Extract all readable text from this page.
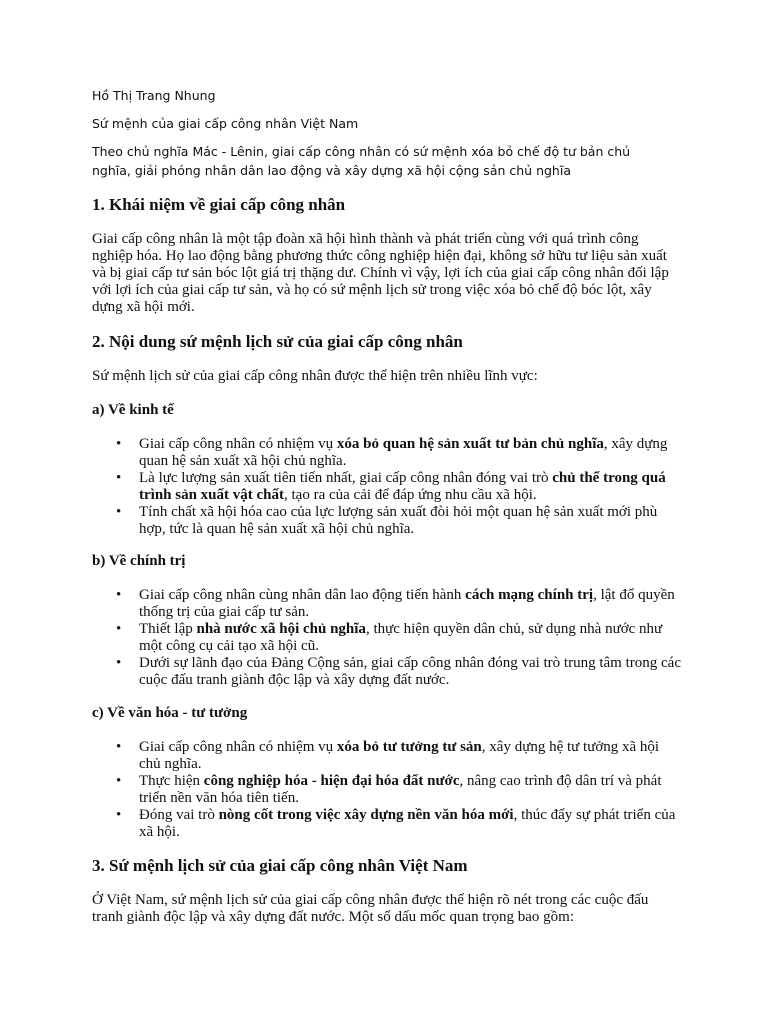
Hồ Thị Trang Nhung

Sứ mệnh của giai cấp công nhân Việt Nam

Theo chủ nghĩa Mác - Lênin, giai cấp công nhân có sứ mệnh xóa bỏ chế độ tư bản chủ nghĩa, giải phóng nhân dân lao động và xây dựng xã hội cộng sản chủ nghĩa

1. Khái niệm về giai cấp công nhân

Giai cấp công nhân là một tập đoàn xã hội hình thành và phát triển cùng với quá trình công nghiệp hóa. Họ lao động bằng phương thức công nghiệp hiện đại, không sở hữu tư liệu sản xuất và bị giai cấp tư sản bóc lột giá trị thặng dư. Chính vì vậy, lợi ích của giai cấp công nhân đối lập với lợi ích của giai cấp tư sản, và họ có sứ mệnh lịch sử trong việc xóa bỏ chế độ bóc lột, xây dựng xã hội mới.

2. Nội dung sứ mệnh lịch sử của giai cấp công nhân

Sứ mệnh lịch sử của giai cấp công nhân được thể hiện trên nhiều lĩnh vực:

a) Về kinh tế
• Giai cấp công nhân có nhiệm vụ xóa bỏ quan hệ sản xuất tư bản chủ nghĩa, xây dựng quan hệ sản xuất xã hội chủ nghĩa.
• Là lực lượng sản xuất tiên tiến nhất, giai cấp công nhân đóng vai trò chủ thể trong quá trình sản xuất vật chất, tạo ra của cải để đáp ứng nhu cầu xã hội.
• Tính chất xã hội hóa cao của lực lượng sản xuất đòi hỏi một quan hệ sản xuất mới phù hợp, tức là quan hệ sản xuất xã hội chủ nghĩa.
b) Về chính trị
• Giai cấp công nhân cùng nhân dân lao động tiến hành cách mạng chính trị, lật đổ quyền thống trị của giai cấp tư sản.
• Thiết lập nhà nước xã hội chủ nghĩa, thực hiện quyền dân chủ, sử dụng nhà nước như một công cụ cải tạo xã hội cũ.
• Dưới sự lãnh đạo của Đảng Cộng sản, giai cấp công nhân đóng vai trò trung tâm trong các cuộc đấu tranh giành độc lập và xây dựng đất nước.
c) Về văn hóa - tư tưởng
• Giai cấp công nhân có nhiệm vụ xóa bỏ tư tưởng tư sản, xây dựng hệ tư tưởng xã hội chủ nghĩa.
• Thực hiện công nghiệp hóa - hiện đại hóa đất nước, nâng cao trình độ dân trí và phát triển nền văn hóa tiên tiến.
• Đóng vai trò nòng cốt trong việc xây dựng nền văn hóa mới, thúc đẩy sự phát triển của xã hội.
3. Sứ mệnh lịch sử của giai cấp công nhân Việt Nam

Ở Việt Nam, sứ mệnh lịch sử của giai cấp công nhân được thể hiện rõ nét trong các cuộc đấu tranh giành độc lập và xây dựng đất nước. Một số dấu mốc quan trọng bao gồm:
